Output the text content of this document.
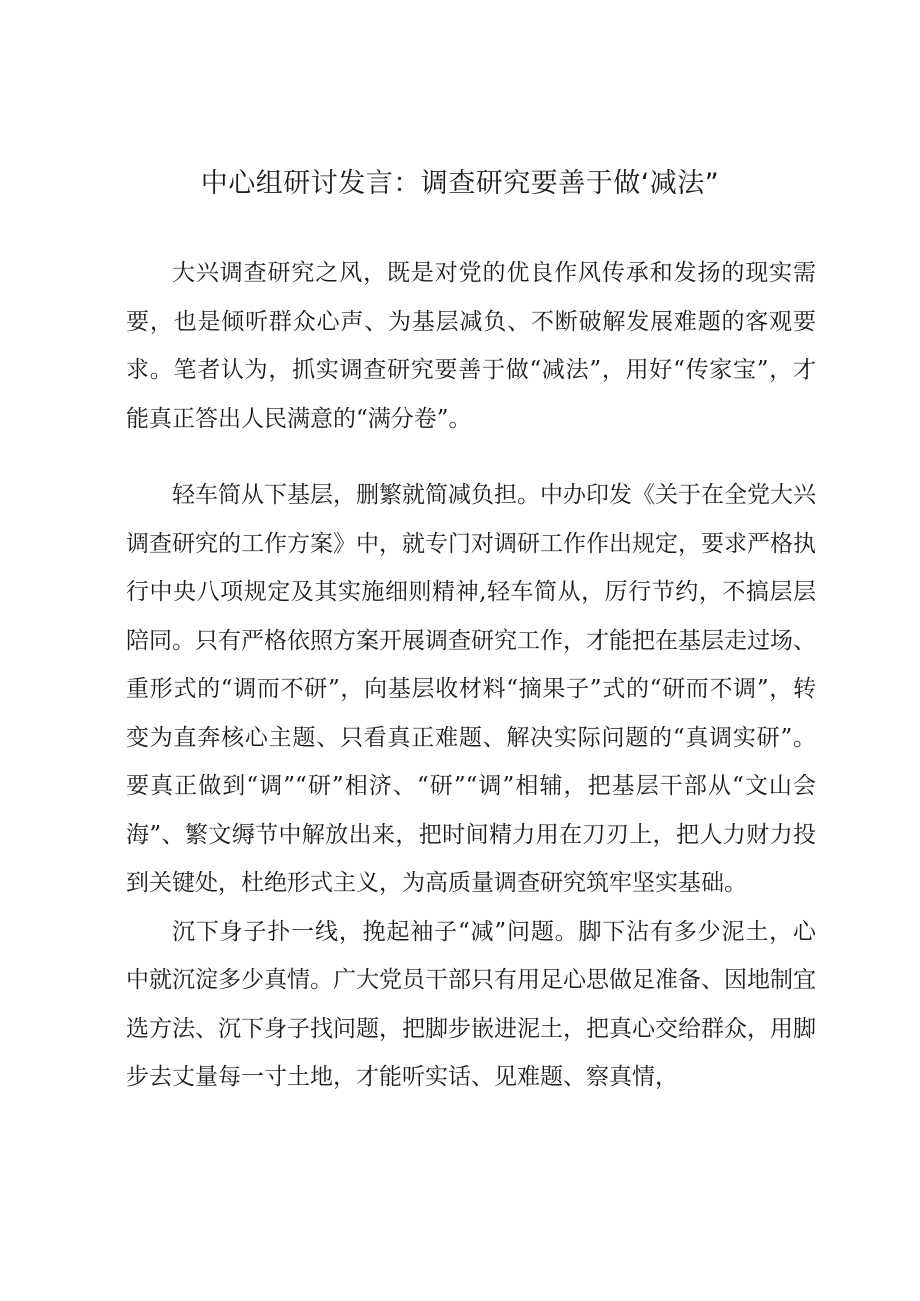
中心组研讨发言：调查研究要善于做‘减法”

大兴调查研究之风，既是对党的优良作风传承和发扬的现实需要，也是倾听群众心声、为基层减负、不断破解发展难题的客观要求。笔者认为，抓实调查研究要善于做“减法”，用好“传家宝”，才能真正答出人民满意的“满分卷”。

轻车简从下基层，删繁就简减负担。中办印发《关于在全党大兴调查研究的工作方案》中，就专门对调研工作作出规定，要求严格执行中央八项规定及其实施细则精神,轻车简从，厉行节约，不搞层层陪同。只有严格依照方案开展调查研究工作，才能把在基层走过场、重形式的“调而不研”，向基层收材料“摘果子”式的“研而不调”，转变为直奔核心主题、只看真正难题、解决实际问题的“真调实研”。要真正做到“调”“研”相济、“研”“调”相辅，把基层干部从“文山会海”、繁文缛节中解放出来，把时间精力用在刀刃上，把人力财力投到关键处，杜绝形式主义，为高质量调查研究筑牢坚实基础。

沉下身子扑一线，挽起袖子“减”问题。脚下沾有多少泥土，心中就沉淀多少真情。广大党员干部只有用足心思做足准备、因地制宜选方法、沉下身子找问题，把脚步嵌进泥土，把真心交给群众，用脚步去丈量每一寸土地，才能听实话、见难题、察真情，
